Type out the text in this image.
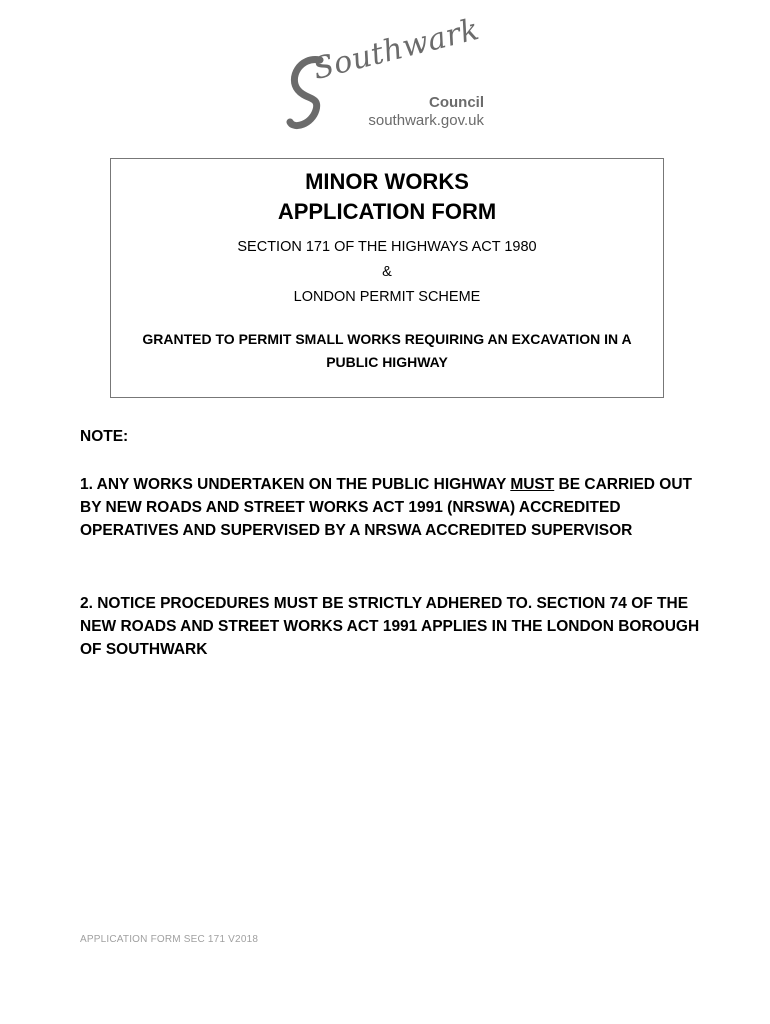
Southwark
Council
southwark.gov.uk
MINOR WORKS
APPLICATION FORM
SECTION 171 OF THE HIGHWAYS ACT 1980
&
LONDON PERMIT SCHEME
GRANTED TO PERMIT SMALL WORKS REQUIRING AN EXCAVATION IN A PUBLIC HIGHWAY
NOTE:
1. ANY WORKS UNDERTAKEN ON THE PUBLIC HIGHWAY MUST BE CARRIED OUT BY NEW ROADS AND STREET WORKS ACT 1991 (NRSWA) ACCREDITED OPERATIVES AND SUPERVISED BY A NRSWA ACCREDITED SUPERVISOR
2. NOTICE PROCEDURES MUST BE STRICTLY ADHERED TO. SECTION 74 OF THE NEW ROADS AND STREET WORKS ACT 1991 APPLIES IN THE LONDON BOROUGH OF SOUTHWARK
APPLICATION FORM SEC 171 V2018
